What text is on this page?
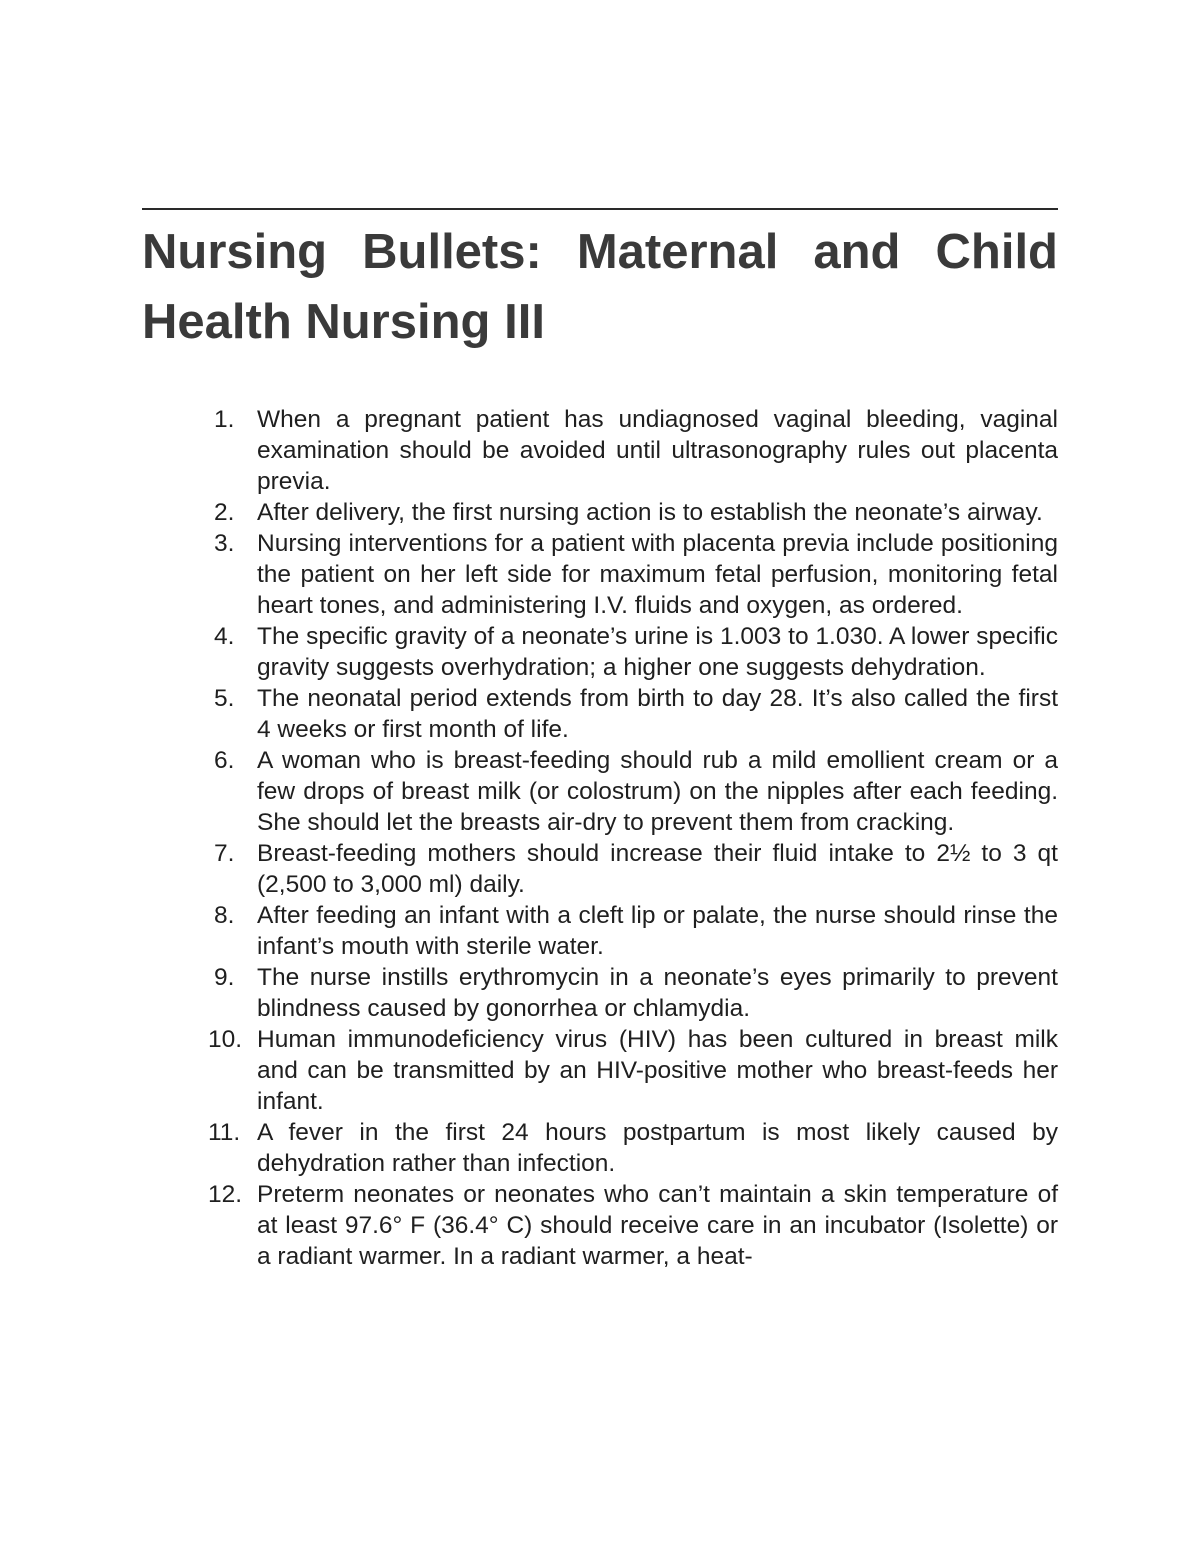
Nursing Bullets: Maternal and Child Health Nursing III
1. When a pregnant patient has undiagnosed vaginal bleeding, vaginal examination should be avoided until ultrasonography rules out placenta previa.
2. After delivery, the first nursing action is to establish the neonate’s airway.
3. Nursing interventions for a patient with placenta previa include positioning the patient on her left side for maximum fetal perfusion, monitoring fetal heart tones, and administering I.V. fluids and oxygen, as ordered.
4. The specific gravity of a neonate’s urine is 1.003 to 1.030. A lower specific gravity suggests overhydration; a higher one suggests dehydration.
5. The neonatal period extends from birth to day 28. It’s also called the first 4 weeks or first month of life.
6. A woman who is breast-feeding should rub a mild emollient cream or a few drops of breast milk (or colostrum) on the nipples after each feeding. She should let the breasts air-dry to prevent them from cracking.
7. Breast-feeding mothers should increase their fluid intake to 2½ to 3 qt (2,500 to 3,000 ml) daily.
8. After feeding an infant with a cleft lip or palate, the nurse should rinse the infant’s mouth with sterile water.
9. The nurse instills erythromycin in a neonate’s eyes primarily to prevent blindness caused by gonorrhea or chlamydia.
10. Human immunodeficiency virus (HIV) has been cultured in breast milk and can be transmitted by an HIV-positive mother who breast-feeds her infant.
11. A fever in the first 24 hours postpartum is most likely caused by dehydration rather than infection.
12. Preterm neonates or neonates who can’t maintain a skin temperature of at least 97.6° F (36.4° C) should receive care in an incubator (Isolette) or a radiant warmer. In a radiant warmer, a heat-
